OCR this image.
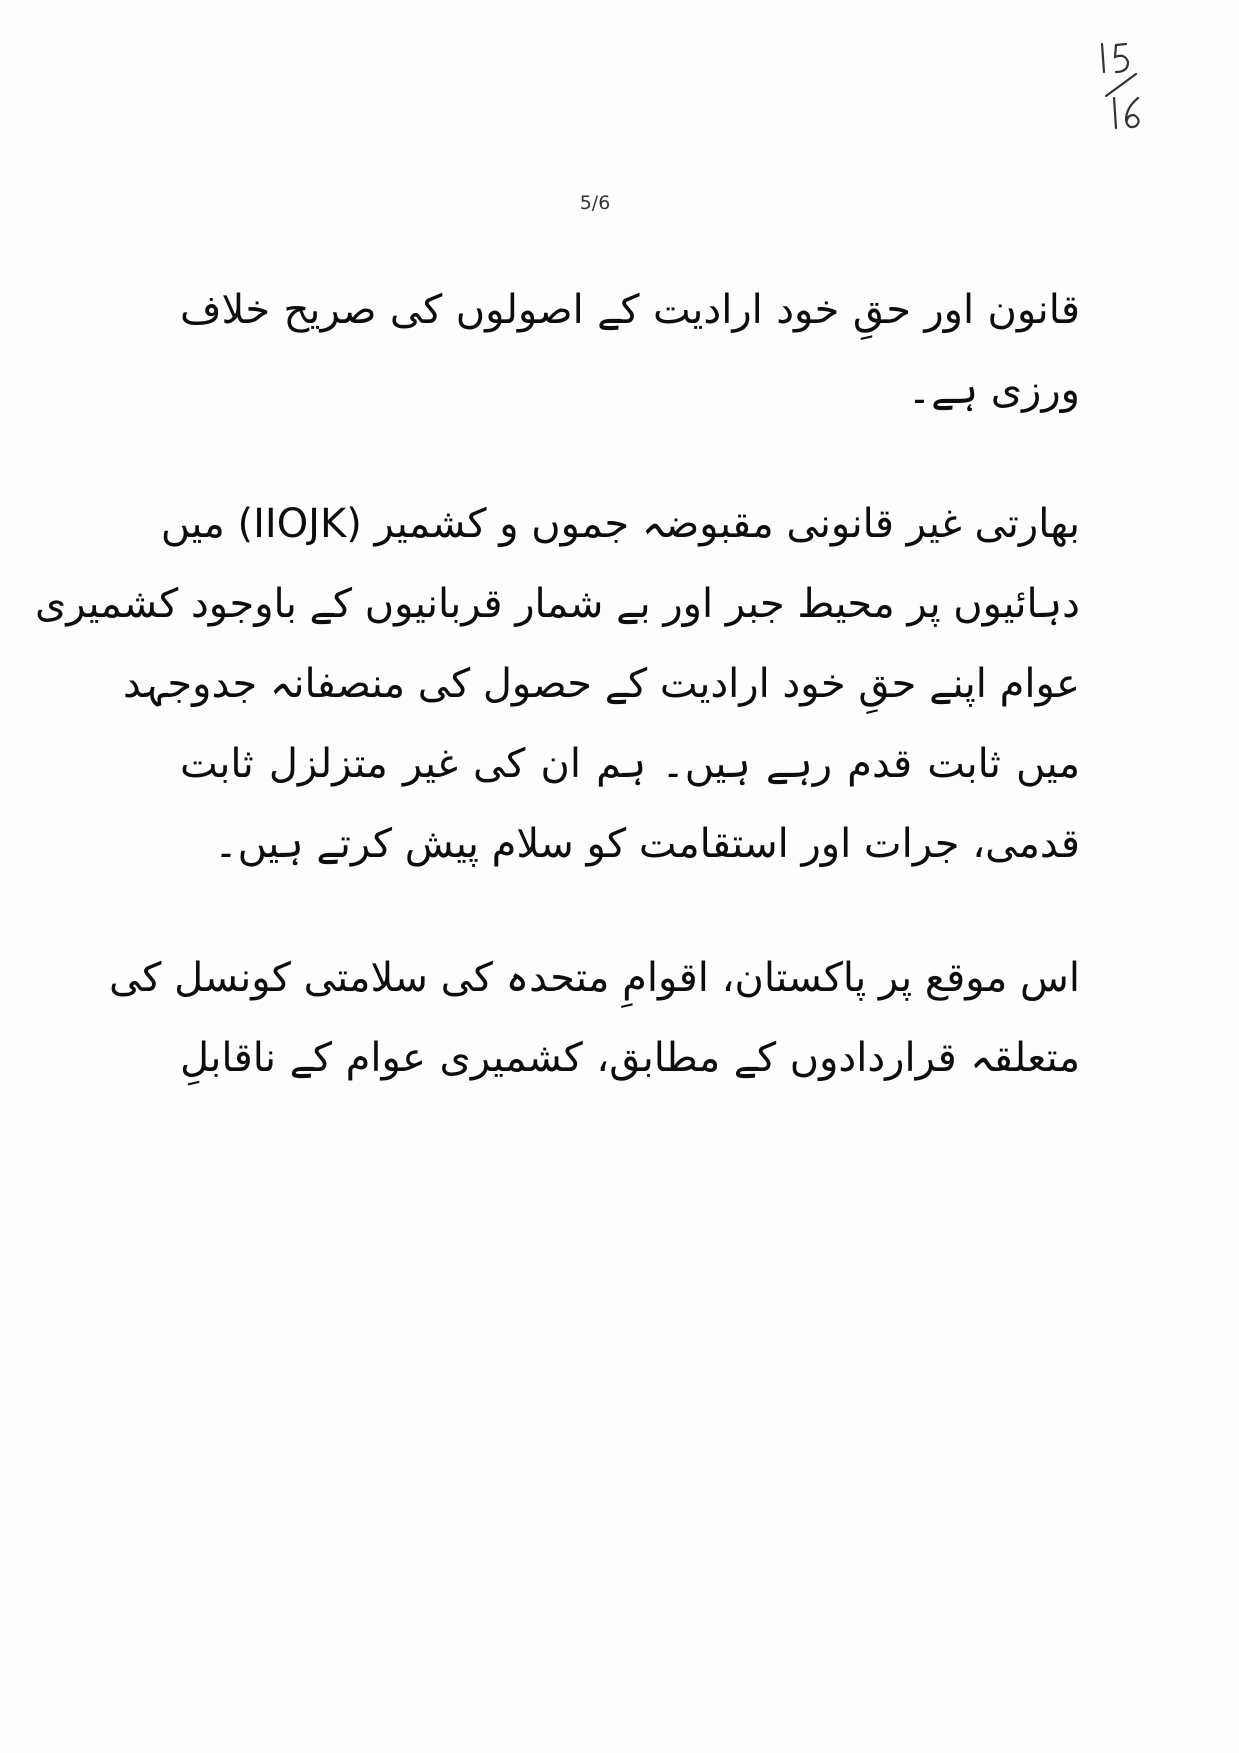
5/6
قانون اور حقِ خود ارادیت کے اصولوں کی صریح خلاف
ورزی ہے۔
بھارتی غیر قانونی مقبوضہ جموں و کشمیر (IIOJK) میں
دہائیوں پر محیط جبر اور بے شمار قربانیوں کے باوجود کشمیری
عوام اپنے حقِ خود ارادیت کے حصول کی منصفانہ جدوجہد
میں ثابت قدم رہے ہیں۔ ہم ان کی غیر متزلزل ثابت
قدمی، جرات اور استقامت کو سلام پیش کرتے ہیں۔
اس موقع پر پاکستان، اقوامِ متحدہ کی سلامتی کونسل کی
متعلقہ قراردادوں کے مطابق، کشمیری عوام کے ناقابلِ
